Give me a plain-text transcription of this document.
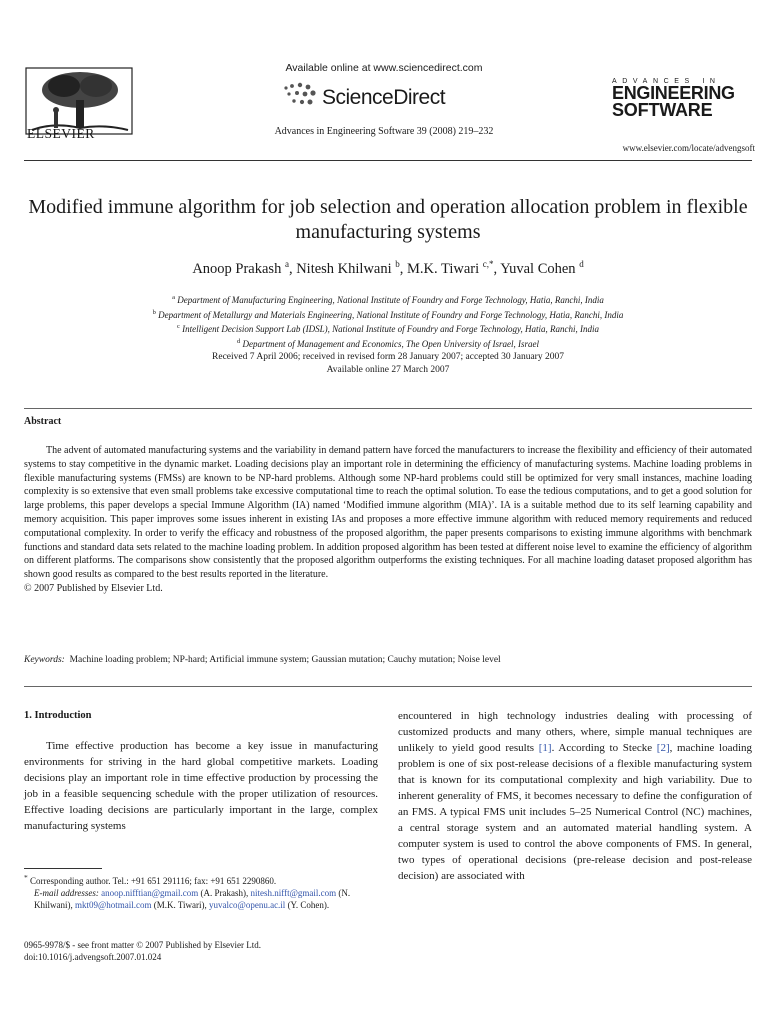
ELSEVIER
Available online at www.sciencedirect.com
ScienceDirect
Advances in Engineering Software 39 (2008) 219–232
ADVANCES IN
ENGINEERING
SOFTWARE
www.elsevier.com/locate/advengsoft
Modified immune algorithm for job selection and operation allocation problem in flexible manufacturing systems
Anoop Prakash $^a$, Nitesh Khilwani $^b$, M.K. Tiwari $^{c,*}$, Yuval Cohen $^d$
$^a$ Department of Manufacturing Engineering, National Institute of Foundry and Forge Technology, Hatia, Ranchi, India
$^b$ Department of Metallurgy and Materials Engineering, National Institute of Foundry and Forge Technology, Hatia, Ranchi, India
$^c$ Intelligent Decision Support Lab (IDSL), National Institute of Foundry and Forge Technology, Hatia, Ranchi, India
$^d$ Department of Management and Economics, The Open University of Israel, Israel
Received 7 April 2006; received in revised form 28 January 2007; accepted 30 January 2007
Available online 27 March 2007
Abstract

The advent of automated manufacturing systems and the variability in demand pattern have forced the manufacturers to increase the flexibility and efficiency of their automated systems to stay competitive in the dynamic market. Loading decisions play an important role in determining the efficiency of manufacturing systems. Machine loading problems in flexible manufacturing systems (FMSs) are known to be NP-hard problems. Although some NP-hard problems could still be optimized for very small instances, machine loading complexity is so extensive that even small problems take excessive computational time to reach the optimal solution. To ease the tedious computations, and to get a good solution for large problems, this paper develops a special Immune Algorithm (IA) named ‘Modified immune algorithm (MIA)’. IA is a suitable method due to its self learning capability and memory acquisition. This paper improves some issues inherent in existing IAs and proposes a more effective immune algorithm with reduced memory requirements and reduced computational complexity. In order to verify the efficacy and robustness of the proposed algorithm, the paper presents comparisons to existing immune algorithms with benchmark functions and standard data sets related to the machine loading problem. In addition proposed algorithm has been tested at different noise level to examine the efficiency of algorithm on different platforms. The comparisons show consistently that the proposed algorithm outperforms the existing techniques. For all machine loading dataset proposed algorithm has shown good results as compared to the best results reported in the literature.

© 2007 Published by Elsevier Ltd.

Keywords: Machine loading problem; NP-hard; Artificial immune system; Gaussian mutation; Cauchy mutation; Noise level
1. Introduction

Time effective production has become a key issue in manufacturing environments for striving in the hard global competitive markets. Loading decisions play an important role in time effective production by processing the job in a feasible sequencing schedule with the proper utilization of resources. Effective loading decisions are particularly important in the large, complex manufacturing systems

encountered in high technology industries dealing with processing of customized products and many others, where, simple manual techniques are unlikely to yield good results [1]. According to Stecke [2], machine loading problem is one of six post-release decisions of a flexible manufacturing system that is known for its computational complexity and high variability. Due to inherent generality of FMS, it becomes necessary to define the configuration of an FMS. A typical FMS unit includes 5–25 Numerical Control (NC) machines, a central storage system and an automated material handling system. A computer system is used to control the above components of FMS. In general, two types of operational decisions (pre-release decision and post-release decision) are associated with

* Corresponding author. Tel.: +91 651 291116; fax: +91 651 2290860.
E-mail addresses: anoop.nifftian@gmail.com (A. Prakash), nitesh.nifft@gmail.com (N. Khilwani), mkt09@hotmail.com (M.K. Tiwari), yuvalco@openu.ac.il (Y. Cohen).
0965-9978/$ - see front matter © 2007 Published by Elsevier Ltd.
doi:10.1016/j.advengsoft.2007.01.024
